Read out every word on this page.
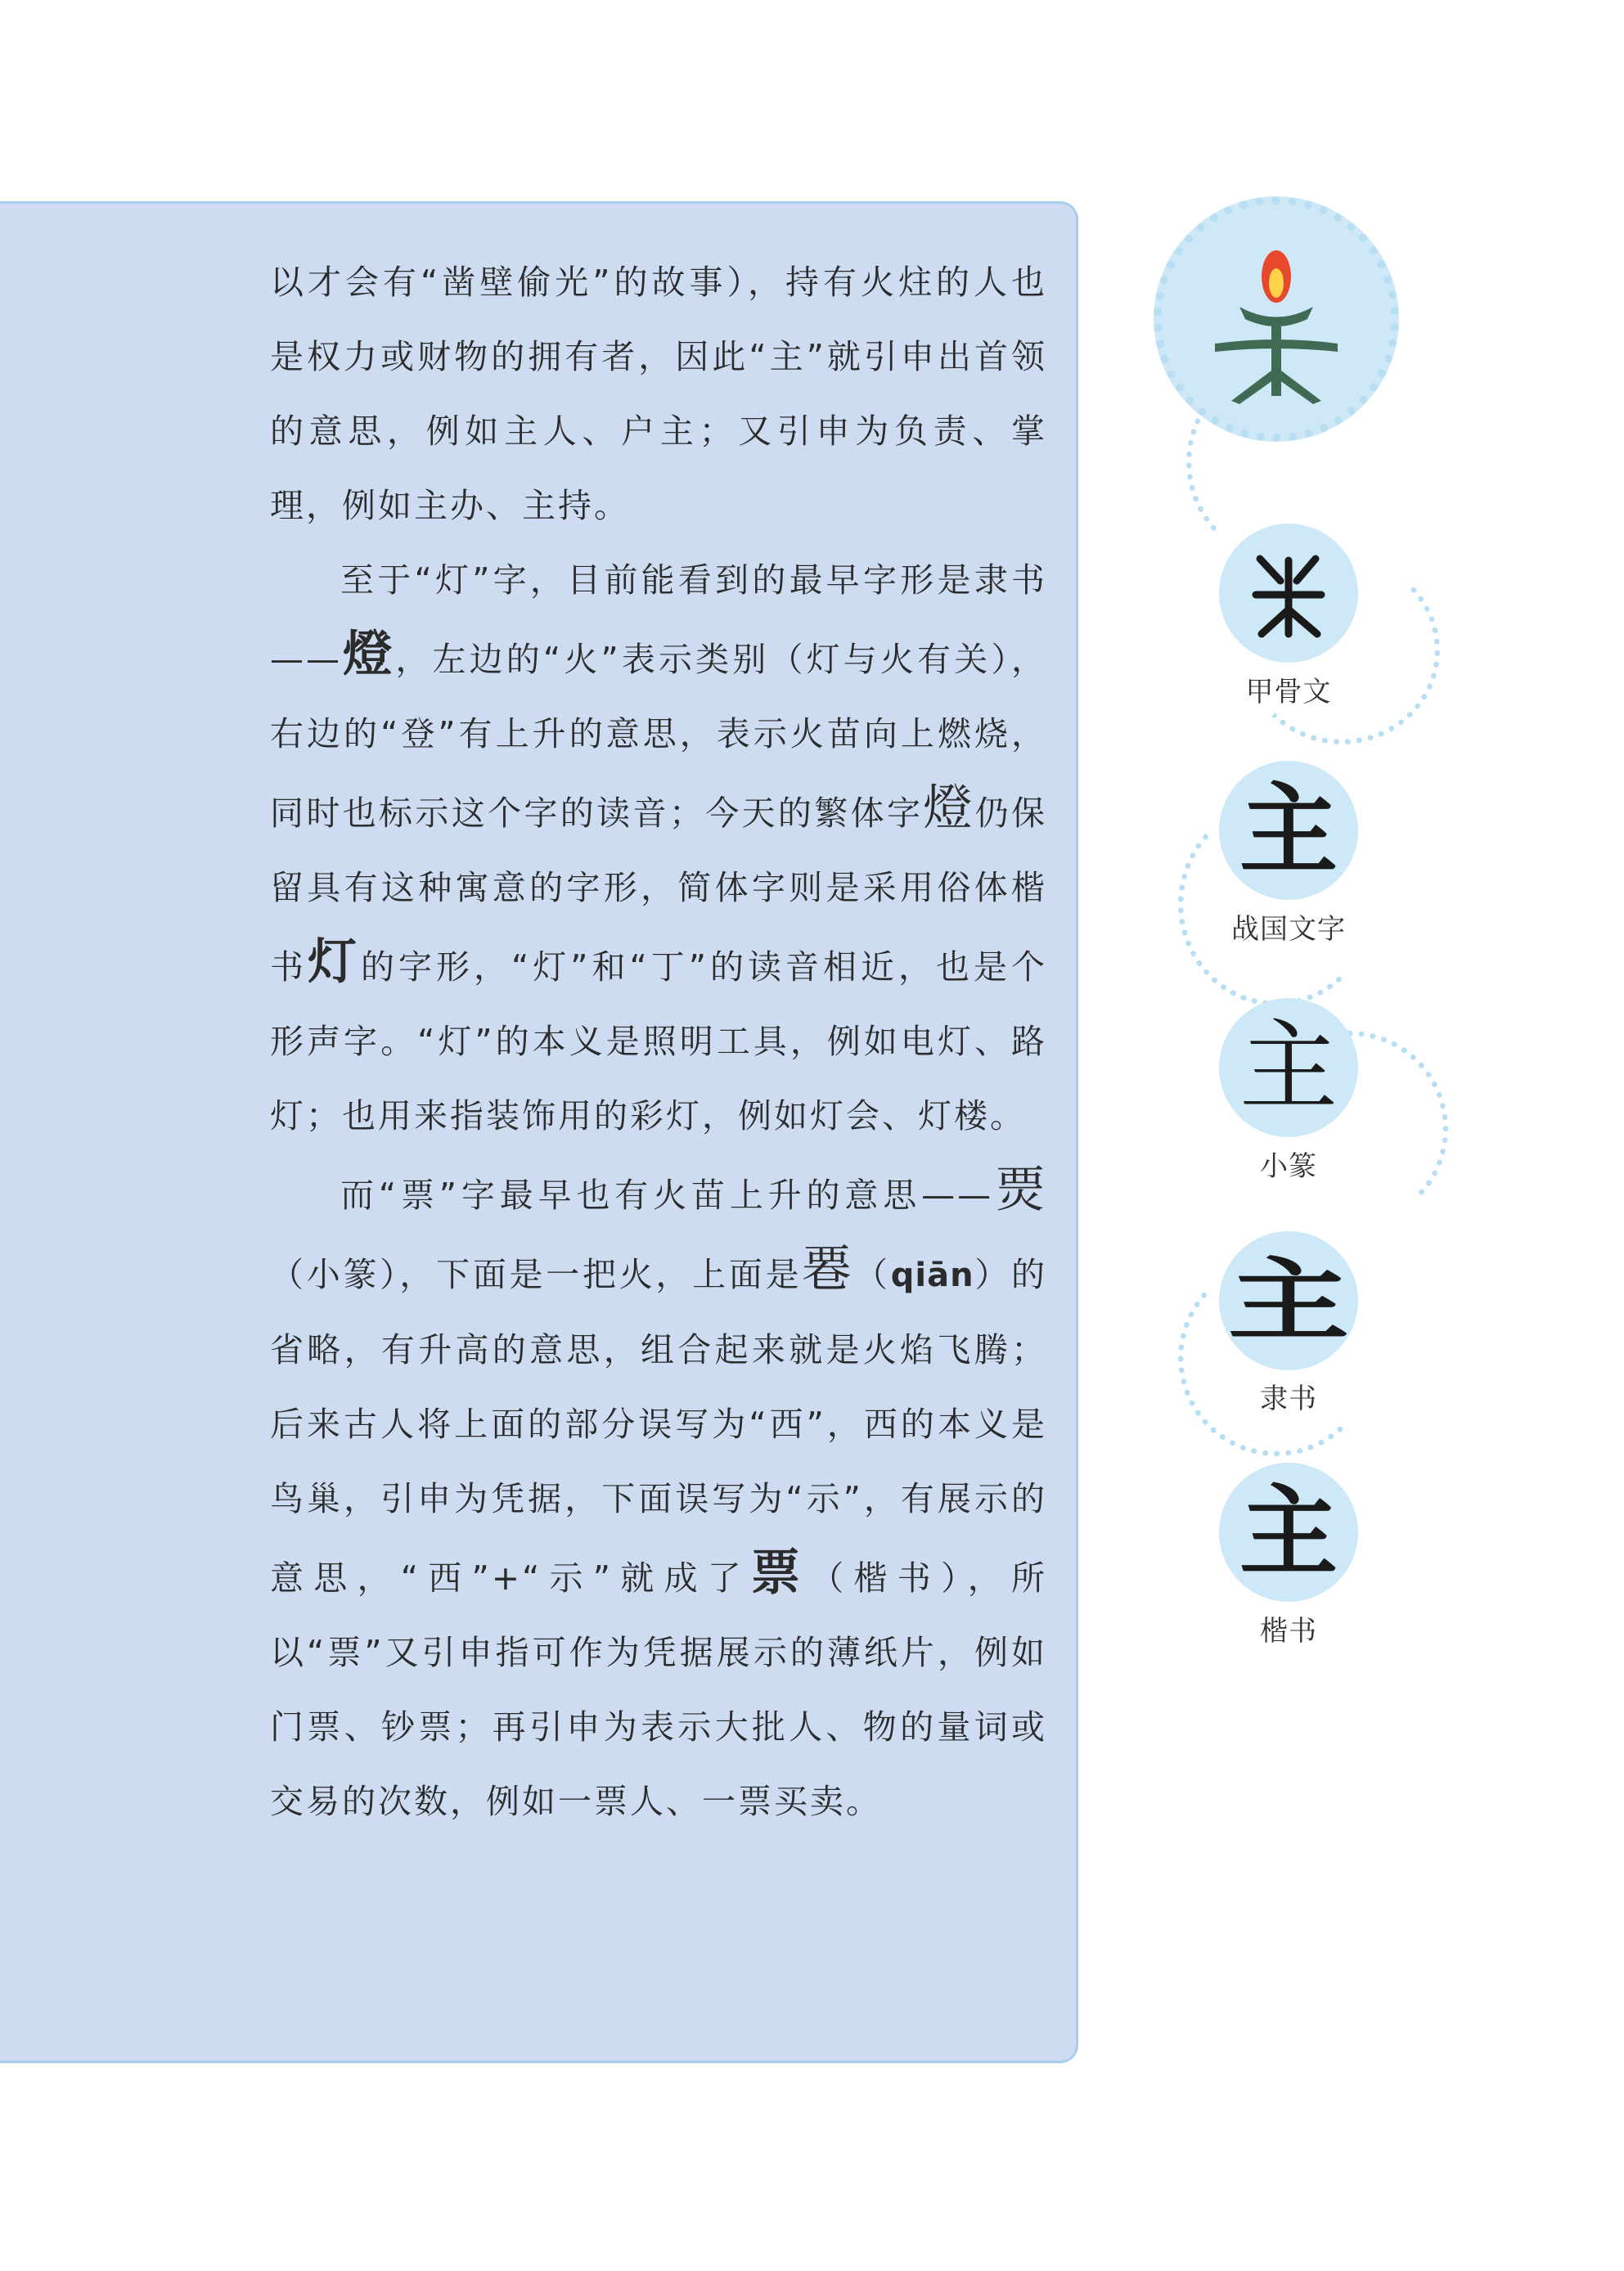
以才会有“凿壁偷光”的故事），持有火炷的人也是权力或财物的拥有者，因此“主”就引申出首领的意思，例如主人、户主；又引申为负责、掌理，例如主办、主持。

至于“灯”字，目前能看到的最早字形是隶书——燈，左边的“火”表示类别（灯与火有关），右边的“登”有上升的意思，表示火苗向上燃烧，同时也标示这个字的读音；今天的繁体字燈仍保留具有这种寓意的字形，简体字则是采用俗体楷书灯的字形，“灯”和“丁”的读音相近，也是个形声字。“灯”的本义是照明工具，例如电灯、路灯；也用来指装饰用的彩灯，例如灯会、灯楼。

而“票”字最早也有火苗上升的意思——㶾（小篆），下面是一把火，上面是䙴（qiān）的省略，有升高的意思，组合起来就是火焰飞腾；后来古人将上面的部分误写为“西”，西的本义是鸟巢，引申为凭据，下面误写为“示”，有展示的意思，“西”+“示”就成了票（楷书），所以“票”又引申指可作为凭据展示的薄纸片，例如门票、钞票；再引申为表示大批人、物的量词或交易的次数，例如一票人、一票买卖。

甲骨文
主
战国文字
主
小篆
主
隶书
主
楷书
